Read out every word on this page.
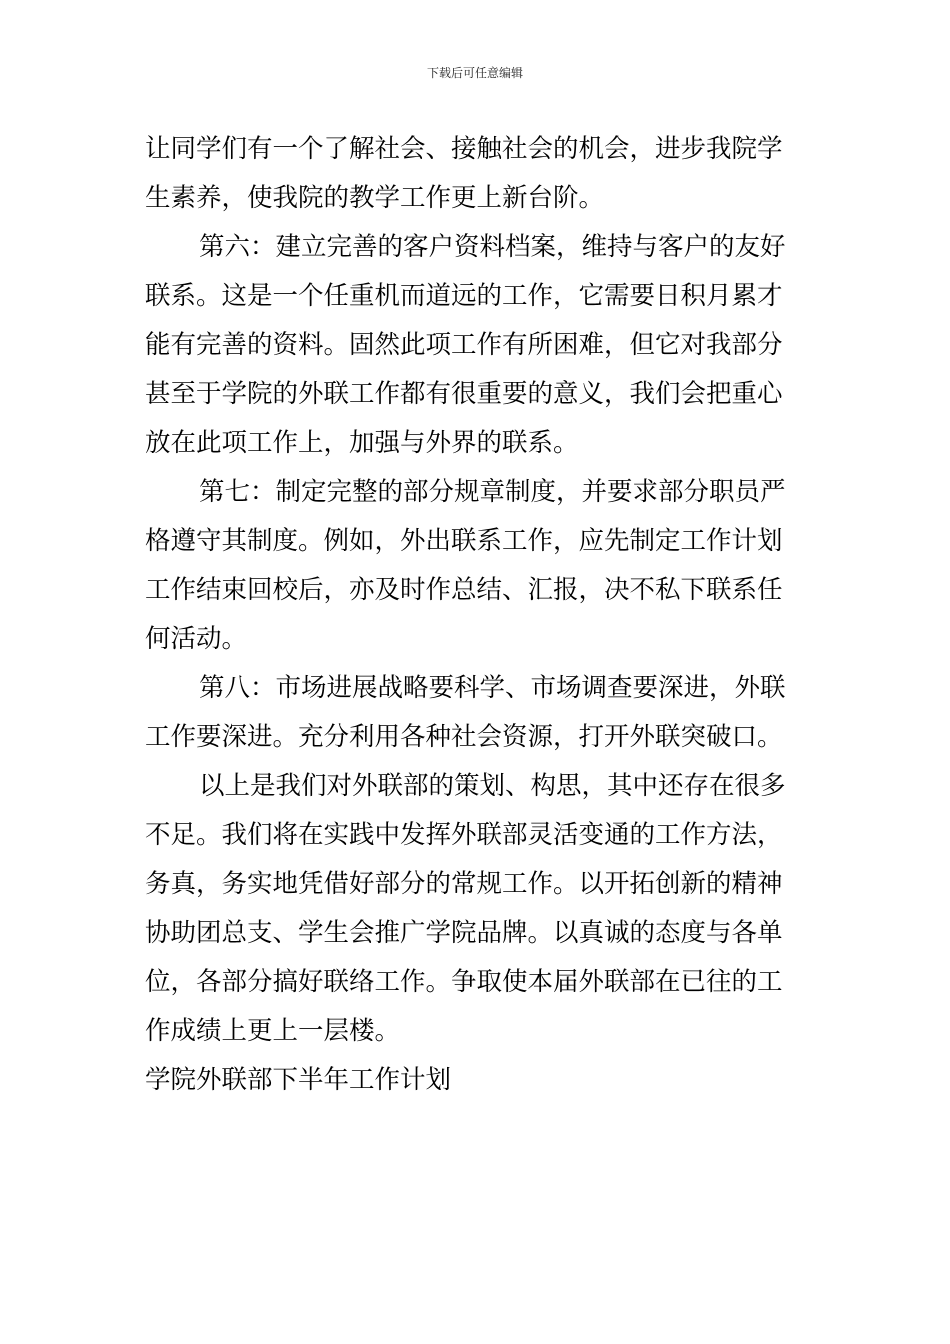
下载后可任意编辑
让同学们有一个了解社会、接触社会的机会，进步我院学
生素养，使我院的教学工作更上新台阶。
第六：建立完善的客户资料档案，维持与客户的友好
联系。这是一个任重机而道远的工作，它需要日积月累才
能有完善的资料。固然此项工作有所困难，但它对我部分
甚至于学院的外联工作都有很重要的意义，我们会把重心
放在此项工作上，加强与外界的联系。
第七：制定完整的部分规章制度，并要求部分职员严
格遵守其制度。例如，外出联系工作，应先制定工作计划
工作结束回校后，亦及时作总结、汇报，决不私下联系任
何活动。
第八：市场进展战略要科学、市场调查要深进，外联
工作要深进。充分利用各种社会资源，打开外联突破口。
以上是我们对外联部的策划、构思，其中还存在很多
不足。我们将在实践中发挥外联部灵活变通的工作方法，
务真，务实地凭借好部分的常规工作。以开拓创新的精神
协助团总支、学生会推广学院品牌。以真诚的态度与各单
位，各部分搞好联络工作。争取使本届外联部在已往的工
作成绩上更上一层楼。
学院外联部下半年工作计划
